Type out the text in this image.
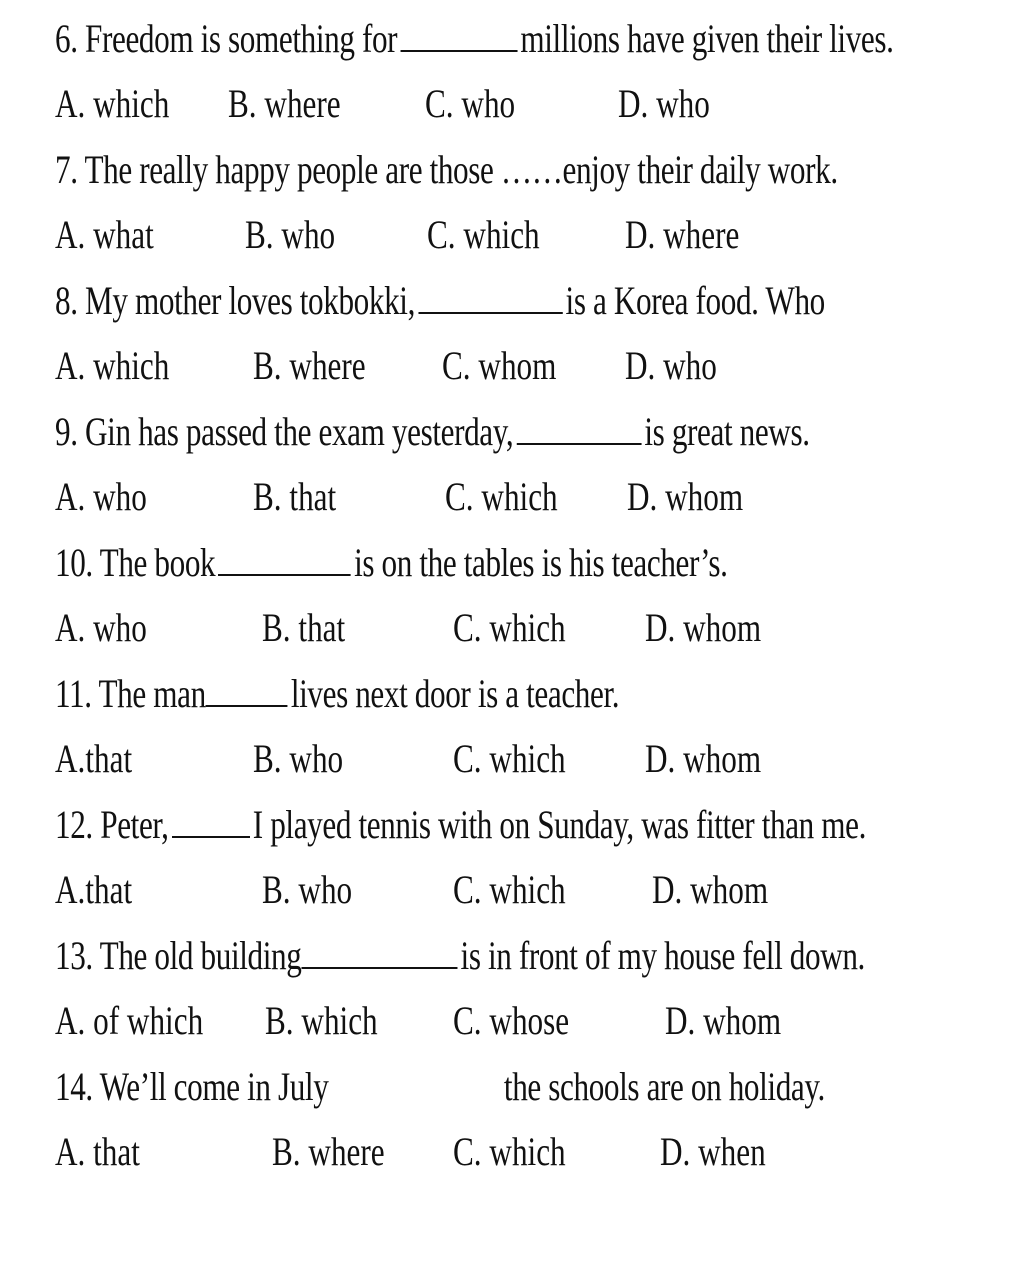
6. Freedom is something for	millions have given their lives.
A. which	B. where	C. who	D. who
7. The really happy people are those ……enjoy their daily work.
A. what	B. who	C. which	D. where
8. My mother loves tokbokki,	is a Korea food. Who
A. which	B. where	C. whom	D. who
9. Gin has passed the exam yesterday,	is great news.
A. who	B. that	C. which	D. whom
10. The book	is on the tables is his teacher’s.
A. who	B. that	C. which	D. whom
11. The man lives next door is a teacher.
A.that	B. who	C. which	D. whom
12. Peter, I played tennis with on Sunday, was fitter than me.
A.that	B. who	C. which	D. whom
13. The old building	is in front of my house fell down.
A. of which	B. which	C. whose	D. whom
14. We’ll come in July	the schools are on holiday.
A. that	B. where	C. which	D. when
